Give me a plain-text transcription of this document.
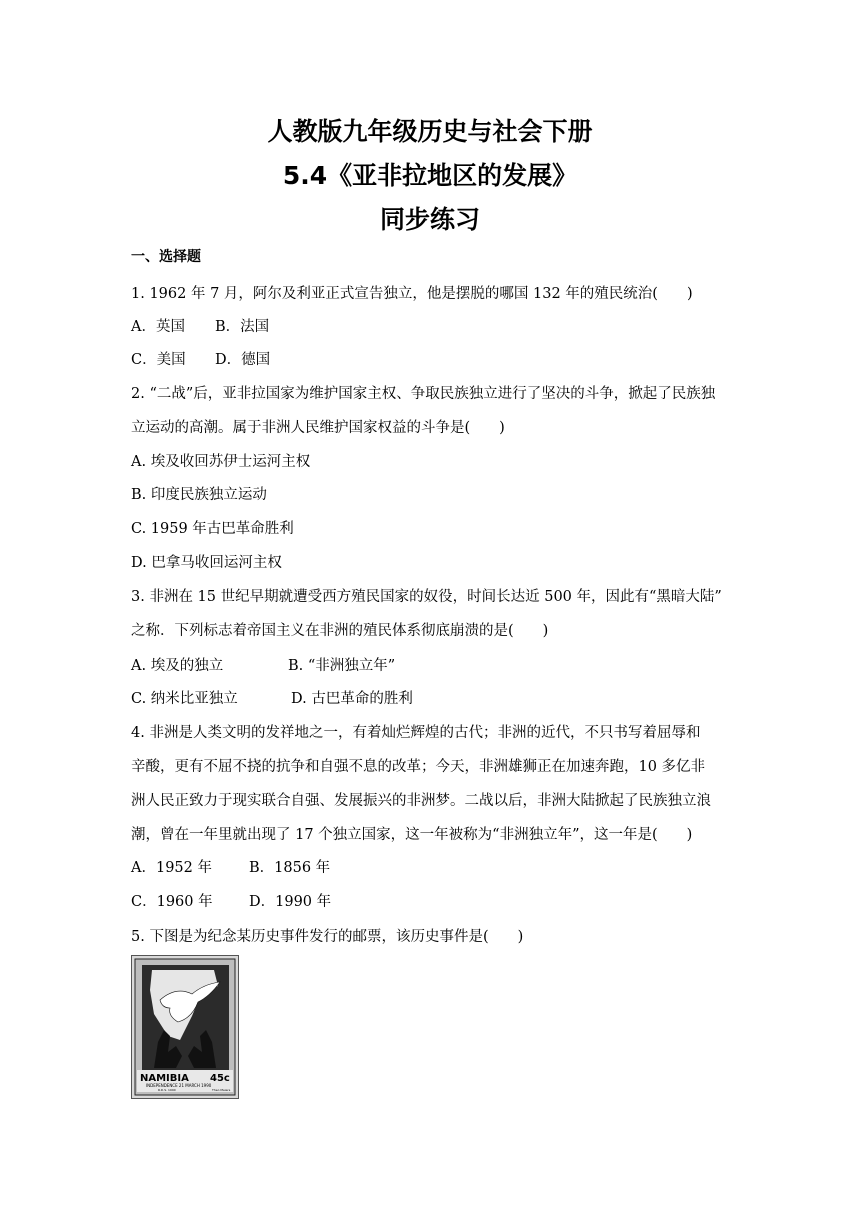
人教版九年级历史与社会下册
5.4《亚非拉地区的发展》
同步练习
一、选择题
1. 1962 年 7 月，阿尔及利亚正式宣告独立，他是摆脱的哪国 132 年的殖民统治(　　)
A．英国 B．法国
C．美国 D．德国
2. “二战”后，亚非拉国家为维护国家主权、争取民族独立进行了坚决的斗争，掀起了民族独
立运动的高潮。属于非洲人民维护国家权益的斗争是(　　)
A. 埃及收回苏伊士运河主权
B. 印度民族独立运动
C. 1959 年古巴革命胜利
D. 巴拿马收回运河主权
3. 非洲在 15 世纪早期就遭受西方殖民国家的奴役，时间长达近 500 年，因此有“黑暗大陆”
之称．下列标志着帝国主义在非洲的殖民体系彻底崩溃的是(　　)
A. 埃及的独立	B. “非洲独立年”
C. 纳米比亚独立	D. 古巴革命的胜利
4. 非洲是人类文明的发祥地之一，有着灿烂辉煌的古代；非洲的近代，不只书写着屈辱和
辛酸，更有不屈不挠的抗争和自强不息的改革；今天，非洲雄狮正在加速奔跑，10 多亿非
洲人民正致力于现实联合自强、发展振兴的非洲梦。二战以后，非洲大陆掀起了民族独立浪
潮，曾在一年里就出现了 17 个独立国家，这一年被称为“非洲独立年”，这一年是(　　)
A．1952 年	B．1856 年
C．1960 年	D．1990 年
5. 下图是为纪念某历史事件发行的邮票，该历史事件是(　　)
NAMIBIA 45c
INDEPENDENCE 21 MARCH 1990
R.D.S. 1990	Theo Meiers
